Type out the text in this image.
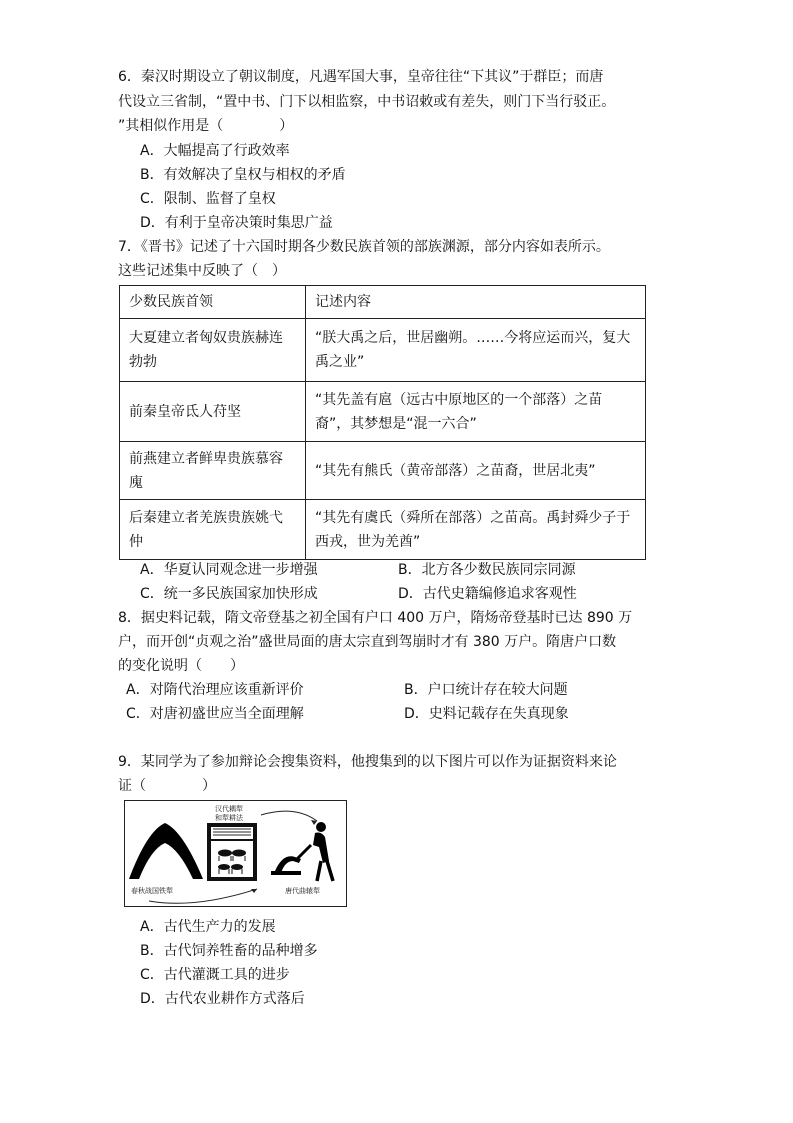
6．秦汉时期设立了朝议制度，凡遇军国大事，皇帝往往“下其议”于群臣；而唐
代设立三省制，“置中书、门下以相监察，中书诏敕或有差失，则门下当行驳正。
”其相似作用是（　　　　）
A．大幅提高了行政效率
B．有效解决了皇权与相权的矛盾
C．限制、监督了皇权
D．有利于皇帝决策时集思广益
7．《晋书》记述了十六国时期各少数民族首领的部族渊源，部分内容如表所示。
这些记述集中反映了（　）
少数民族首领	记述内容
大夏建立者匈奴贵族赫连勃勃	“朕大禹之后，世居幽朔。……今将应运而兴，复大禹之业”
前秦皇帝氐人苻坚	“其先盖有扈（远古中原地区的一个部落）之苗裔”，其梦想是“混一六合”
前燕建立者鲜卑贵族慕容廆	“其先有熊氏（黄帝部落）之苗裔，世居北夷”
后秦建立者羌族贵族姚弋仲	“其先有虞氏（舜所在部落）之苗高。禹封舜少子于西戎，世为羌酋”
A．华夏认同观念进一步增强	B．北方各少数民族同宗同源
C．统一多民族国家加快形成	D．古代史籍编修追求客观性
8．据史料记载，隋文帝登基之初全国有户口 400 万户，隋炀帝登基时已达 890 万
户，而开创“贞观之治”盛世局面的唐太宗直到驾崩时才有 380 万户。隋唐户口数
的变化说明（　　）
A．对隋代治理应该重新评价	B．户口统计存在较大问题
C．对唐初盛世应当全面理解	D．史料记载存在失真现象
9．某同学为了参加辩论会搜集资料，他搜集到的以下图片可以作为证据资料来论
证（　　　　）
春秋战国铁犁
汉代耦犁
和犁耕法
唐代曲辕犁
A．古代生产力的发展
B．古代饲养牲畜的品种增多
C．古代灌溉工具的进步
D．古代农业耕作方式落后
